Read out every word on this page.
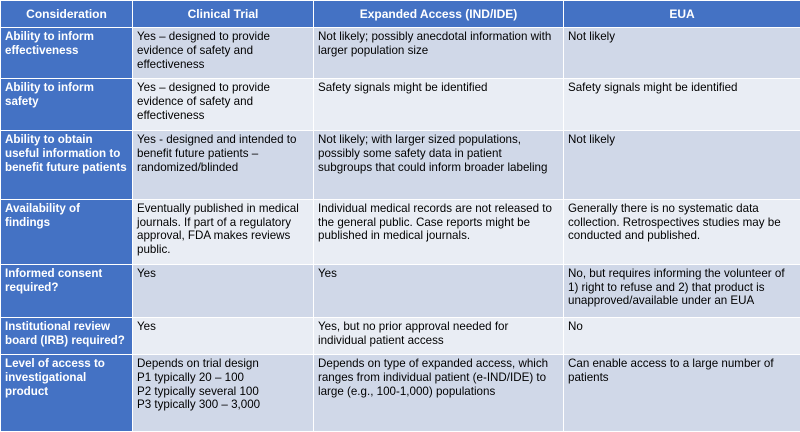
Consideration	Clinical Trial	Expanded Access (IND/IDE)	EUA
Ability to inform effectiveness	Yes – designed to provide evidence of safety and effectiveness	Not likely; possibly anecdotal information with larger population size	Not likely

Ability to inform safety	Yes – designed to provide evidence of safety and effectiveness	Safety signals might be identified	Safety signals might be identified

Ability to obtain useful information to benefit future patients	Yes - designed and intended to benefit future patients – randomized/blinded	Not likely; with larger sized populations, possibly some safety data in patient subgroups that could inform broader labeling	Not likely

Availability of findings	Eventually published in medical journals. If part of a regulatory approval, FDA makes reviews public.	Individual medical records are not released to the general public. Case reports might be published in medical journals.	Generally there is no systematic data collection. Retrospectives studies may be conducted and published.

Informed consent required?	Yes	Yes	No, but requires informing the volunteer of 1) right to refuse and 2) that product is unapproved/available under an EUA

Institutional review board (IRB) required?	Yes	Yes, but no prior approval needed for individual patient access	No

Level of access to investigational product	Depends on trial design
P1 typically 20 – 100
P2 typically several 100
P3 typically 300 – 3,000	Depends on type of expanded access, which ranges from individual patient (e-IND/IDE) to large (e.g., 100-1,000) populations	Can enable access to a large number of patients
